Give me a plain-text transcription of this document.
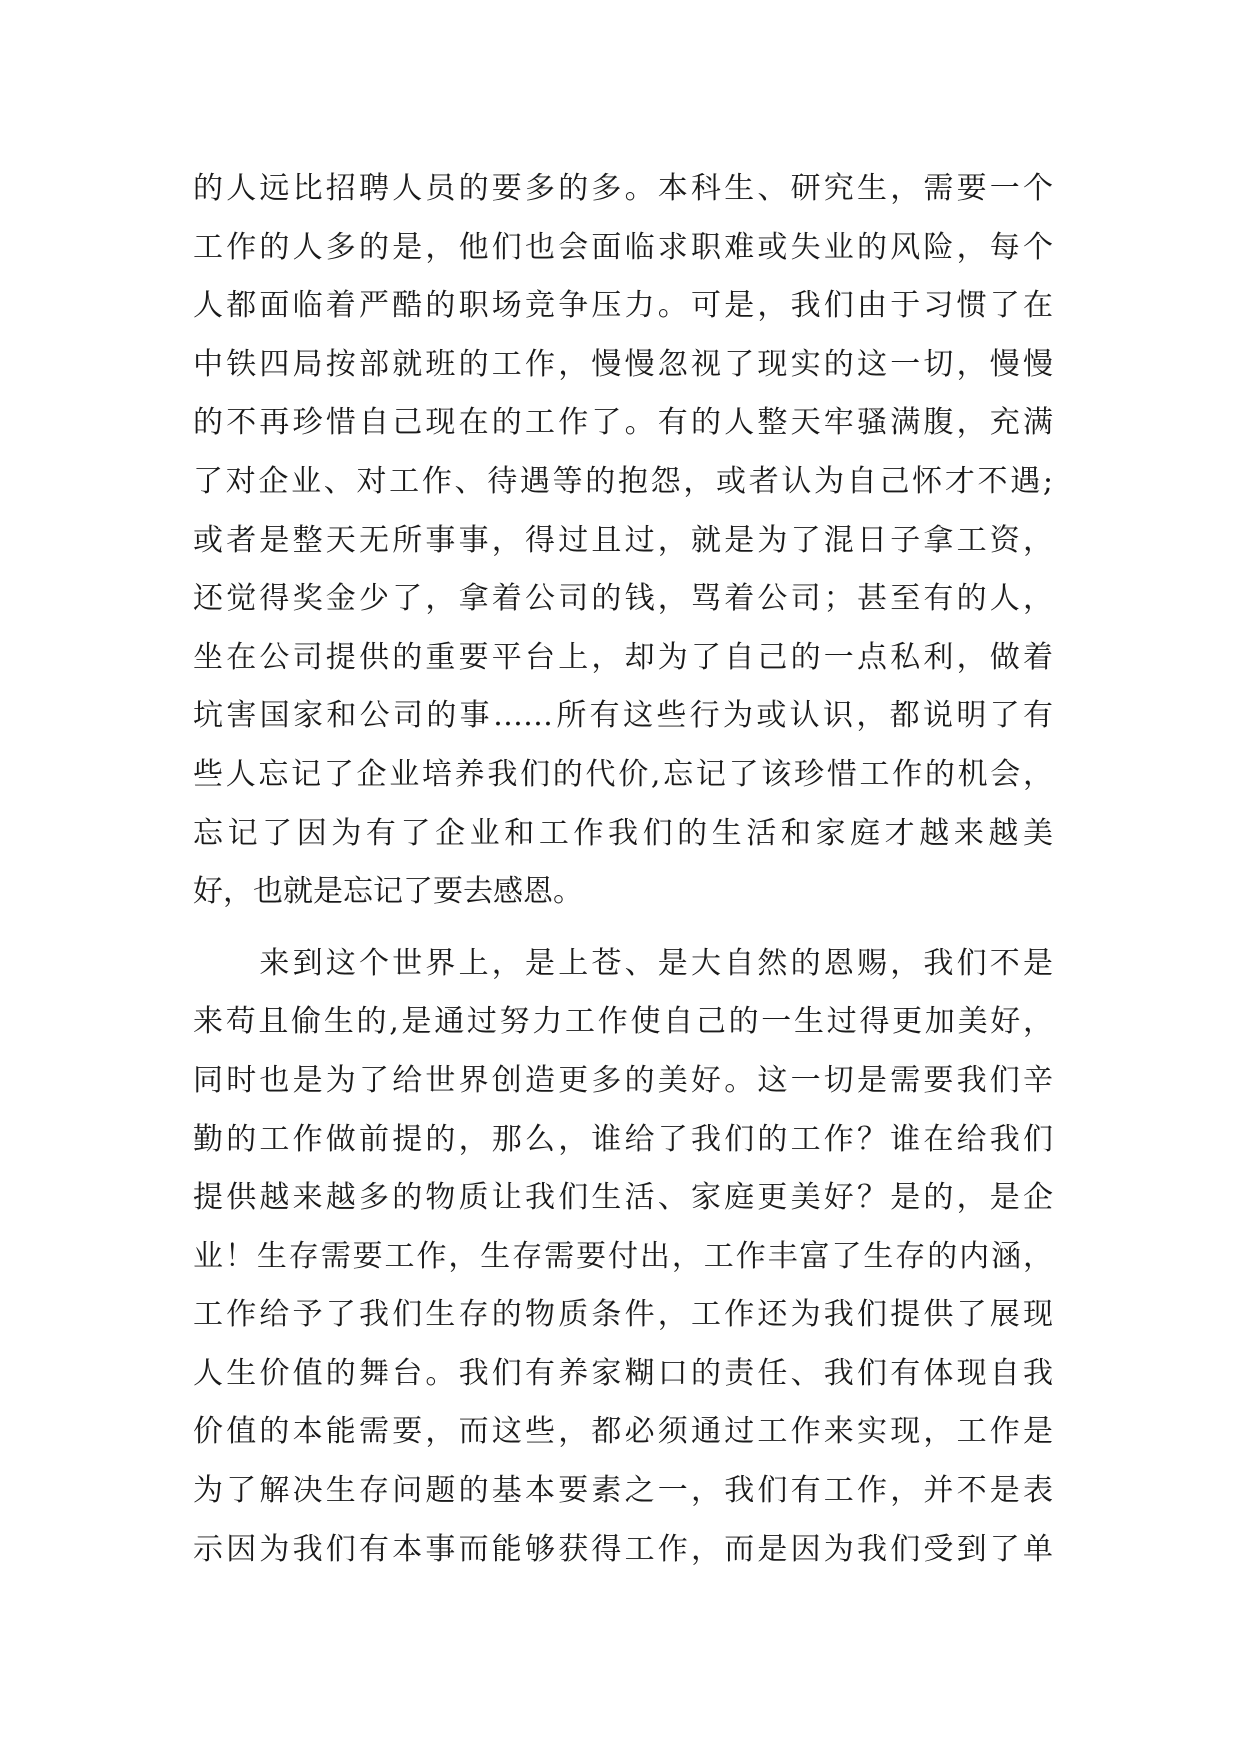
的人远比招聘人员的要多的多。本科生、研究生，需要一个
工作的人多的是，他们也会面临求职难或失业的风险，每个
人都面临着严酷的职场竞争压力。可是，我们由于习惯了在
中铁四局按部就班的工作，慢慢忽视了现实的这一切，慢慢
的不再珍惜自己现在的工作了。有的人整天牢骚满腹，充满
了对企业、对工作、待遇等的抱怨，或者认为自己怀才不遇;
或者是整天无所事事，得过且过，就是为了混日子拿工资，
还觉得奖金少了，拿着公司的钱，骂着公司；甚至有的人，
坐在公司提供的重要平台上，却为了自己的一点私利，做着
坑害国家和公司的事……所有这些行为或认识，都说明了有
些人忘记了企业培养我们的代价,忘记了该珍惜工作的机会，
忘记了因为有了企业和工作我们的生活和家庭才越来越美
好，也就是忘记了要去感恩。
　　来到这个世界上，是上苍、是大自然的恩赐，我们不是
来苟且偷生的,是通过努力工作使自己的一生过得更加美好，
同时也是为了给世界创造更多的美好。这一切是需要我们辛
勤的工作做前提的，那么，谁给了我们的工作？谁在给我们
提供越来越多的物质让我们生活、家庭更美好？是的，是企
业！生存需要工作，生存需要付出，工作丰富了生存的内涵，
工作给予了我们生存的物质条件，工作还为我们提供了展现
人生价值的舞台。我们有养家糊口的责任、我们有体现自我
价值的本能需要，而这些，都必须通过工作来实现，工作是
为了解决生存问题的基本要素之一，我们有工作，并不是表
示因为我们有本事而能够获得工作，而是因为我们受到了单
